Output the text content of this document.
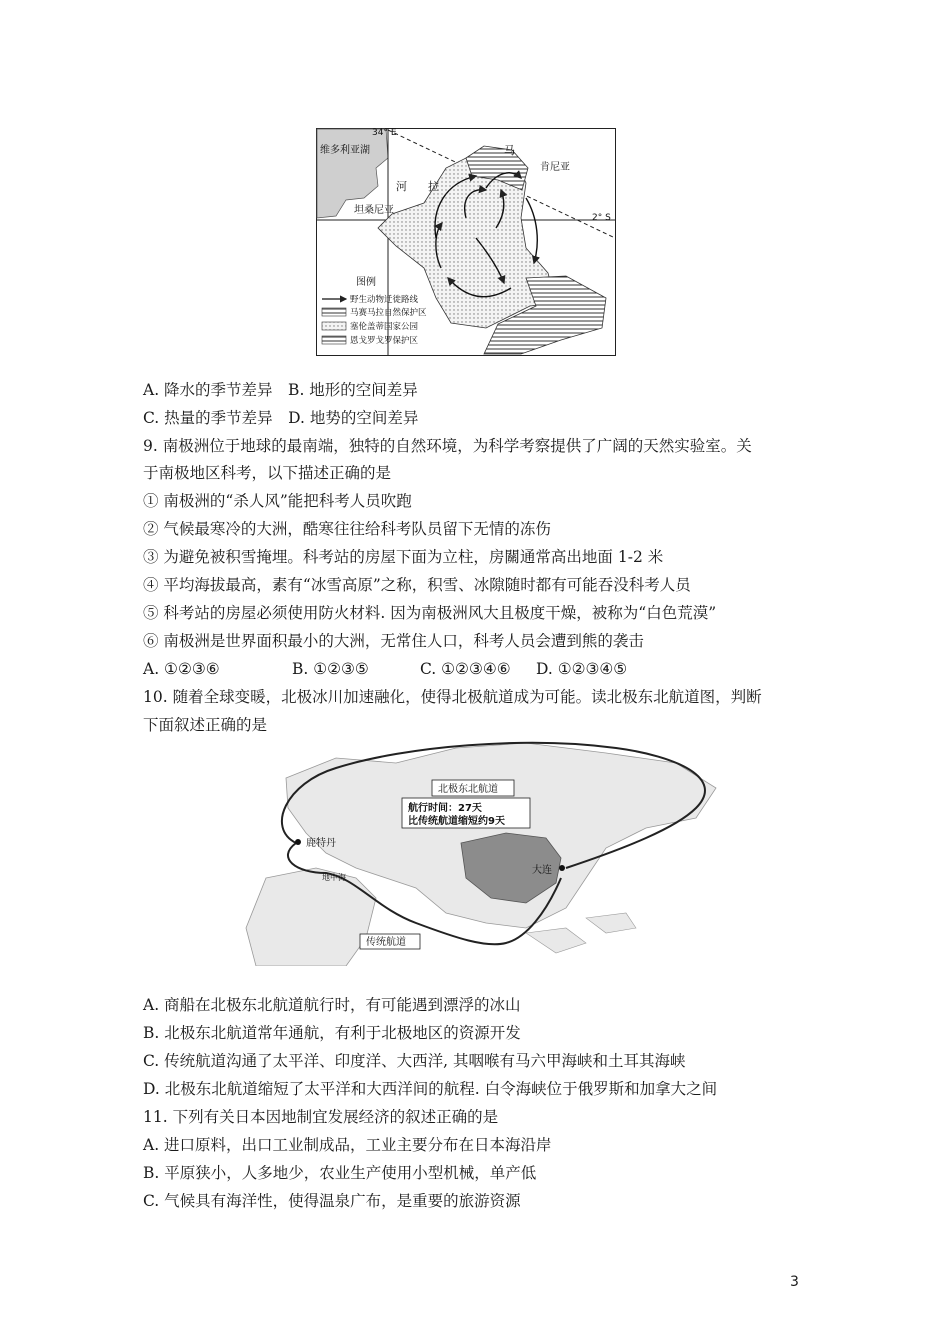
34° E
2° S
维多利亚湖
肯尼亚
坦桑尼亚
河 拉
马
图例
野生动物迁徙路线
马赛马拉自然保护区
塞伦盖蒂国家公园
恩戈罗戈罗保护区
A. 降水的季节差异　B. 地形的空间差异
C. 热量的季节差异　D. 地势的空间差异
9. 南极洲位于地球的最南端，独特的自然环境，为科学考察提供了广阔的天然实验室。关
于南极地区科考，以下描述正确的是
① 南极洲的“杀人风”能把科考人员吹跑
② 气候最寒冷的大洲，酷寒往往给科考队员留下无情的冻伤
③ 为避免被积雪掩埋。科考站的房屋下面为立柱，房關通常高出地面 1-2 米
④ 平均海拔最高，素有“冰雪高原”之称，积雪、冰隙随时都有可能吞没科考人员
⑤ 科考站的房屋必须使用防火材料. 因为南极洲风大且极度干燥，被称为“白色荒漠”
⑥ 南极洲是世界面积最小的大洲，无常住人口，科考人员会遭到熊的袭击
A. ①②③⑥	B. ①②③⑤	C. ①②③④⑥ D. ①②③④⑤
10. 随着全球变暖，北极冰川加速融化，使得北极航道成为可能。读北极东北航道图，判断
下面叙述正确的是
北极东北航道
航行时间：27天
比传统航道缩短约9天
鹿特丹
大连
地中海
传统航道
A. 商船在北极东北航道航行时，有可能遇到漂浮的冰山
B. 北极东北航道常年通航，有利于北极地区的资源开发
C. 传统航道沟通了太平洋、印度洋、大西洋, 其咽喉有马六甲海峡和土耳其海峡
D. 北极东北航道缩短了太平洋和大西洋间的航程. 白令海峡位于俄罗斯和加拿大之间
11. 下列有关日本因地制宜发展经济的叙述正确的是
A. 进口原料，出口工业制成品，工业主要分布在日本海沿岸
B. 平原狭小，人多地少，农业生产使用小型机械，单产低
C. 气候具有海洋性，使得温泉广布，是重要的旅游资源
3
